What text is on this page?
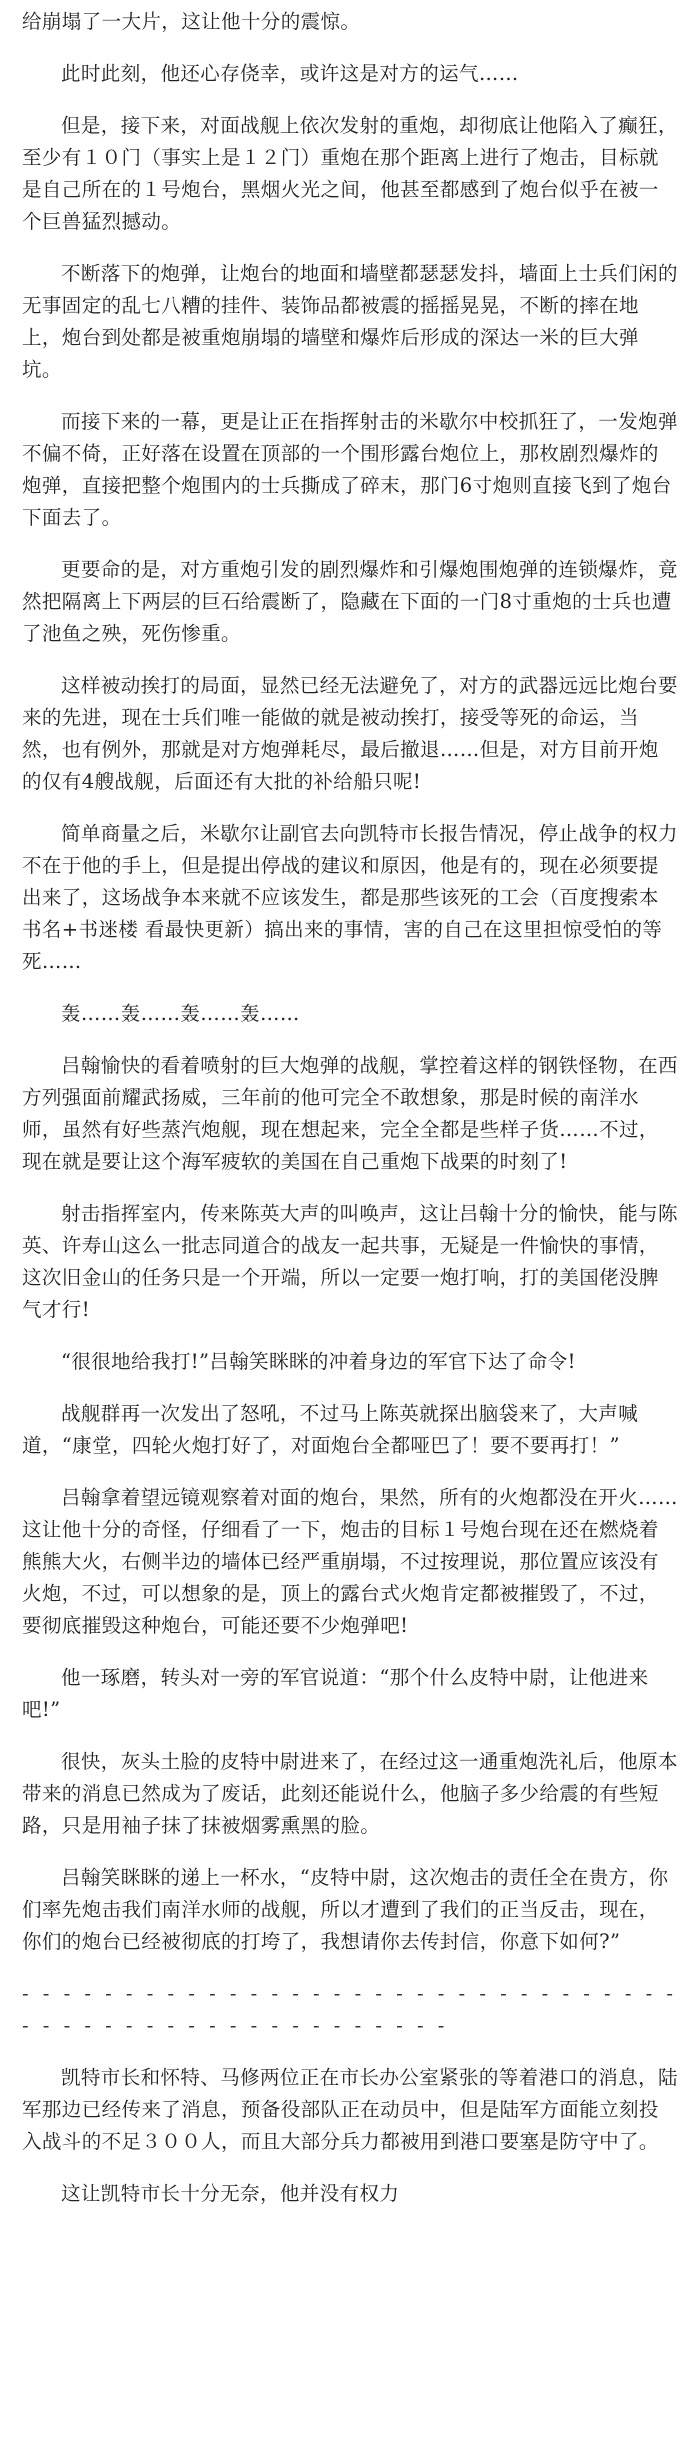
给崩塌了一大片，这让他十分的震惊。

此时此刻，他还心存侥幸，或许这是对方的运气……

但是，接下来，对面战舰上依次发射的重炮，却彻底让他陷入了癫狂，至少有１０门（事实上是１２门）重炮在那个距离上进行了炮击，目标就是自己所在的１号炮台，黑烟火光之间，他甚至都感到了炮台似乎在被一个巨兽猛烈撼动。

不断落下的炮弹，让炮台的地面和墙壁都瑟瑟发抖，墙面上士兵们闲的无事固定的乱七八糟的挂件、装饰品都被震的摇摇晃晃，不断的摔在地上，炮台到处都是被重炮崩塌的墙壁和爆炸后形成的深达一米的巨大弹坑。

而接下来的一幕，更是让正在指挥射击的米歇尔中校抓狂了，一发炮弹不偏不倚，正好落在设置在顶部的一个围形露台炮位上，那枚剧烈爆炸的炮弹，直接把整个炮围内的士兵撕成了碎末，那门6寸炮则直接飞到了炮台下面去了。

更要命的是，对方重炮引发的剧烈爆炸和引爆炮围炮弹的连锁爆炸，竟然把隔离上下两层的巨石给震断了，隐藏在下面的一门8寸重炮的士兵也遭了池鱼之殃，死伤惨重。

这样被动挨打的局面，显然已经无法避免了，对方的武器远远比炮台要来的先进，现在士兵们唯一能做的就是被动挨打，接受等死的命运，当然，也有例外，那就是对方炮弹耗尽，最后撤退……但是，对方目前开炮的仅有4艘战舰，后面还有大批的补给船只呢!

简单商量之后，米歇尔让副官去向凯特市长报告情况，停止战争的权力不在于他的手上，但是提出停战的建议和原因，他是有的，现在必须要提出来了，这场战争本来就不应该发生，都是那些该死的工会（百度搜索本书名+书迷楼 看最快更新）搞出来的事情，害的自己在这里担惊受怕的等死……

轰……轰……轰……轰……

吕翰愉快的看着喷射的巨大炮弹的战舰，掌控着这样的钢铁怪物，在西方列强面前耀武扬威，三年前的他可完全不敢想象，那是时候的南洋水师，虽然有好些蒸汽炮舰，现在想起来，完全全都是些样子货……不过，现在就是要让这个海军疲软的美国在自己重炮下战栗的时刻了!

射击指挥室内，传来陈英大声的叫唤声，这让吕翰十分的愉快，能与陈英、许寿山这么一批志同道合的战友一起共事，无疑是一件愉快的事情，这次旧金山的任务只是一个开端，所以一定要一炮打响，打的美国佬没脾气才行!

“很很地给我打!”吕翰笑眯眯的冲着身边的军官下达了命令!

战舰群再一次发出了怒吼，不过马上陈英就探出脑袋来了，大声喊道，“康堂，四轮火炮打好了，对面炮台全都哑巴了！要不要再打！”

吕翰拿着望远镜观察着对面的炮台，果然，所有的火炮都没在开火……这让他十分的奇怪，仔细看了一下，炮击的目标１号炮台现在还在燃烧着熊熊大火，右侧半边的墙体已经严重崩塌，不过按理说，那位置应该没有火炮，不过，可以想象的是，顶上的露台式火炮肯定都被摧毁了，不过，要彻底摧毁这种炮台，可能还要不少炮弹吧!

他一琢磨，转头对一旁的军官说道：“那个什么皮特中尉，让他进来吧!”

很快，灰头土脸的皮特中尉进来了，在经过这一通重炮洗礼后，他原本带来的消息已然成为了废话，此刻还能说什么，他脑子多少给震的有些短路，只是用袖子抹了抹被烟雾熏黑的脸。

吕翰笑眯眯的递上一杯水，“皮特中尉，这次炮击的责任全在贵方，你们率先炮击我们南洋水师的战舰，所以才遭到了我们的正当反击，现在，你们的炮台已经被彻底的打垮了，我想请你去传封信，你意下如何?”

- - - - - - - - - - - - - - - - - - - - - - - - - - - - - - - - - - - - - - - - - - - - - - - - - - - - -

凯特市长和怀特、马修两位正在市长办公室紧张的等着港口的消息，陆军那边已经传来了消息，预备役部队正在动员中，但是陆军方面能立刻投入战斗的不足３００人，而且大部分兵力都被用到港口要塞是防守中了。

这让凯特市长十分无奈，他并没有权力
